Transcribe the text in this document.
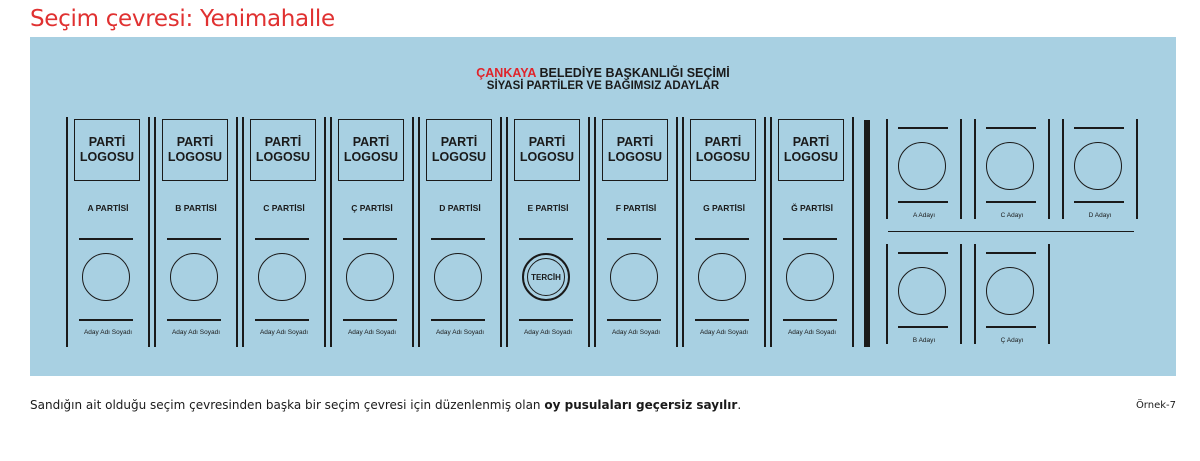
Seçim çevresi: Yenimahalle
ÇANKAYA BELEDİYE BAŞKANLIĞI SEÇİMİ
SİYASİ PARTİLER VE BAĞIMSIZ ADAYLAR
PARTİ
LOGOSU
A PARTİSİ
Aday Adı Soyadı
PARTİ
LOGOSU
B PARTİSİ
Aday Adı Soyadı
PARTİ
LOGOSU
C PARTİSİ
Aday Adı Soyadı
PARTİ
LOGOSU
Ç PARTİSİ
Aday Adı Soyadı
PARTİ
LOGOSU
D PARTİSİ
Aday Adı Soyadı
PARTİ
LOGOSU
E PARTİSİ
TERCİH
Aday Adı Soyadı
PARTİ
LOGOSU
F PARTİSİ
Aday Adı Soyadı
PARTİ
LOGOSU
G PARTİSİ
Aday Adı Soyadı
PARTİ
LOGOSU
Ğ PARTİSİ
Aday Adı Soyadı
A Adayı	C Adayı	D Adayı
B Adayı	Ç Adayı
Sandığın ait olduğu seçim çevresinden başka bir seçim çevresi için düzenlenmiş olan oy pusulaları geçersiz sayılır.	Örnek-7
